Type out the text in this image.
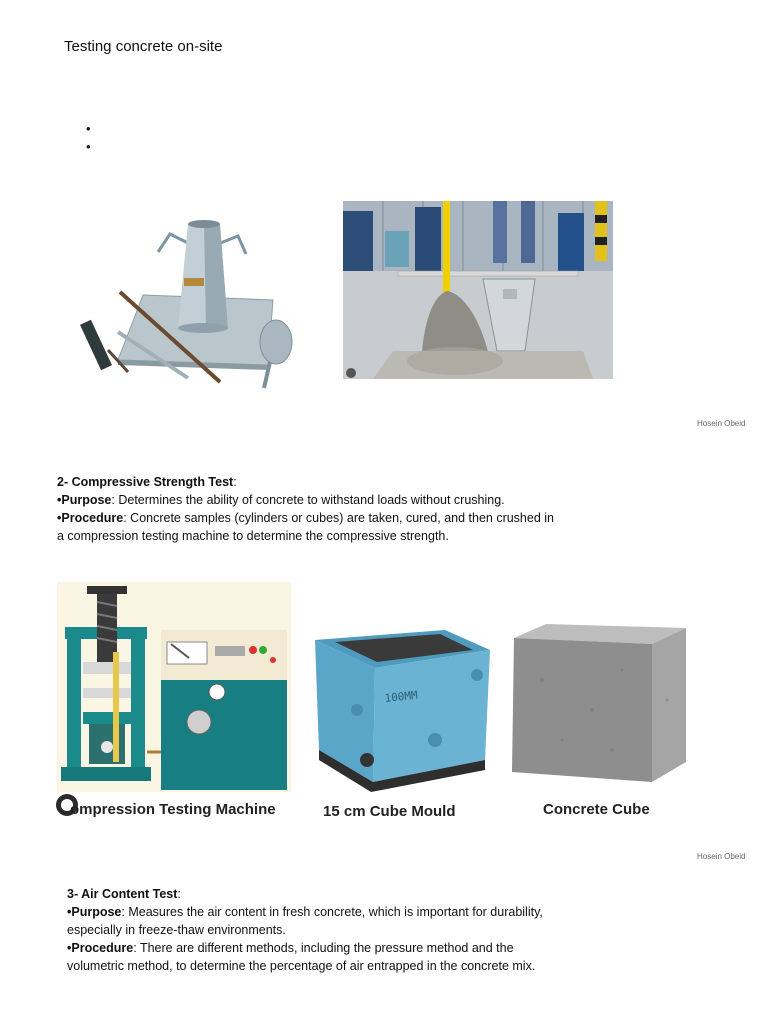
Testing concrete on-site
•
•
Hosein Obeid
2- Compressive Strength Test:
•Purpose: Determines the ability of concrete to withstand loads without crushing.
•Procedure: Concrete samples (cylinders or cubes) are taken, cured, and then crushed in
a compression testing machine to determine the compressive strength.
ompression Testing Machine
100MM
15 cm Cube Mould	Concrete Cube
Hosein Obeid
3- Air Content Test:
•Purpose: Measures the air content in fresh concrete, which is important for durability,
especially in freeze-thaw environments.
•Procedure: There are different methods, including the pressure method and the
volumetric method, to determine the percentage of air entrapped in the concrete mix.
